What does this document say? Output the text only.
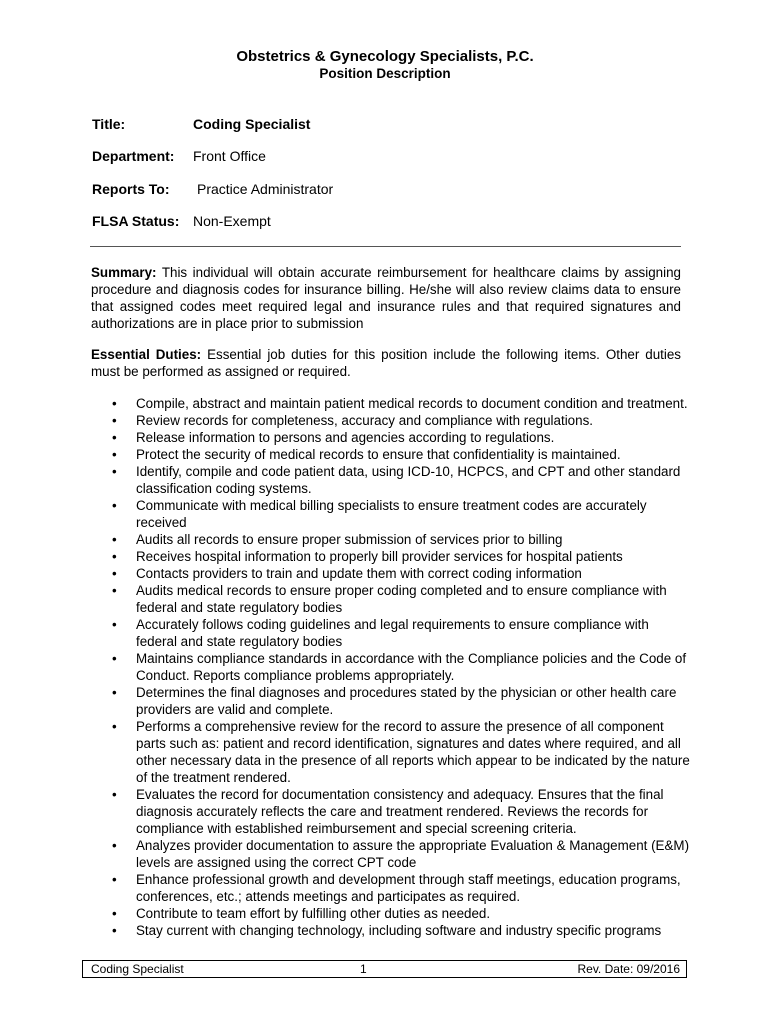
Obstetrics & Gynecology Specialists, P.C.
Position Description
Title:	Coding Specialist
Department: Front Office
Reports To: Practice Administrator
FLSA Status: Non-Exempt

Summary: This individual will obtain accurate reimbursement for healthcare claims by assigning procedure and diagnosis codes for insurance billing. He/she will also review claims data to ensure that assigned codes meet required legal and insurance rules and that required signatures and authorizations are in place prior to submission

Essential Duties: Essential job duties for this position include the following items. Other duties must be performed as assigned or required.

• Compile, abstract and maintain patient medical records to document condition and treatment.
• Review records for completeness, accuracy and compliance with regulations.
• Release information to persons and agencies according to regulations.
• Protect the security of medical records to ensure that confidentiality is maintained.
• Identify, compile and code patient data, using ICD-10, HCPCS, and CPT and other standard classification coding systems.
• Communicate with medical billing specialists to ensure treatment codes are accurately received
• Audits all records to ensure proper submission of services prior to billing
• Receives hospital information to properly bill provider services for hospital patients
• Contacts providers to train and update them with correct coding information
• Audits medical records to ensure proper coding completed and to ensure compliance with federal and state regulatory bodies
• Accurately follows coding guidelines and legal requirements to ensure compliance with federal and state regulatory bodies
• Maintains compliance standards in accordance with the Compliance policies and the Code of Conduct. Reports compliance problems appropriately.
• Determines the final diagnoses and procedures stated by the physician or other health care providers are valid and complete.
• Performs a comprehensive review for the record to assure the presence of all component parts such as: patient and record identification, signatures and dates where required, and all other necessary data in the presence of all reports which appear to be indicated by the nature of the treatment rendered.
• Evaluates the record for documentation consistency and adequacy. Ensures that the final diagnosis accurately reflects the care and treatment rendered. Reviews the records for compliance with established reimbursement and special screening criteria.
• Analyzes provider documentation to assure the appropriate Evaluation & Management (E&M) levels are assigned using the correct CPT code
• Enhance professional growth and development through staff meetings, education programs, conferences, etc.; attends meetings and participates as required.
• Contribute to team effort by fulfilling other duties as needed.
• Stay current with changing technology, including software and industry specific programs
Coding Specialist	1	Rev. Date: 09/2016
